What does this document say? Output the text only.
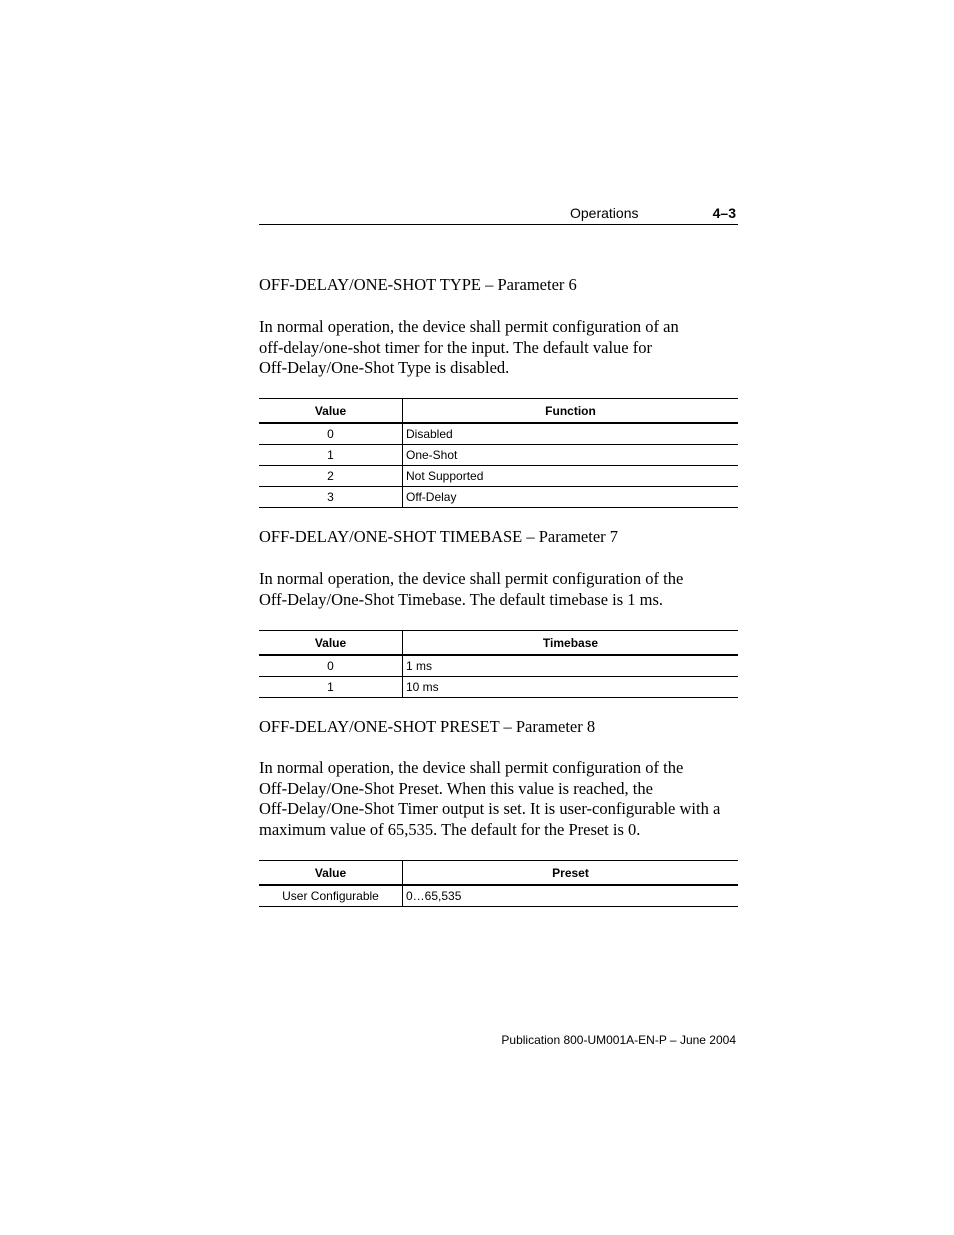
Operations	4–3
OFF-DELAY/ONE-SHOT TYPE – Parameter 6
In normal operation, the device shall permit configuration of an
off-delay/one-shot timer for the input. The default value for
Off-Delay/One-Shot Type is disabled.
Value	Function
0	Disabled
1	One-Shot
2	Not Supported
3	Off-Delay
OFF-DELAY/ONE-SHOT TIMEBASE – Parameter 7
In normal operation, the device shall permit configuration of the
Off-Delay/One-Shot Timebase. The default timebase is 1 ms.
Value	Timebase
0	1 ms
1	10 ms
OFF-DELAY/ONE-SHOT PRESET – Parameter 8
In normal operation, the device shall permit configuration of the
Off-Delay/One-Shot Preset. When this value is reached, the
Off-Delay/One-Shot Timer output is set. It is user-configurable with a
maximum value of 65,535. The default for the Preset is 0.
Value	Preset
User Configurable	0…65,535
Publication 800-UM001A-EN-P – June 2004
